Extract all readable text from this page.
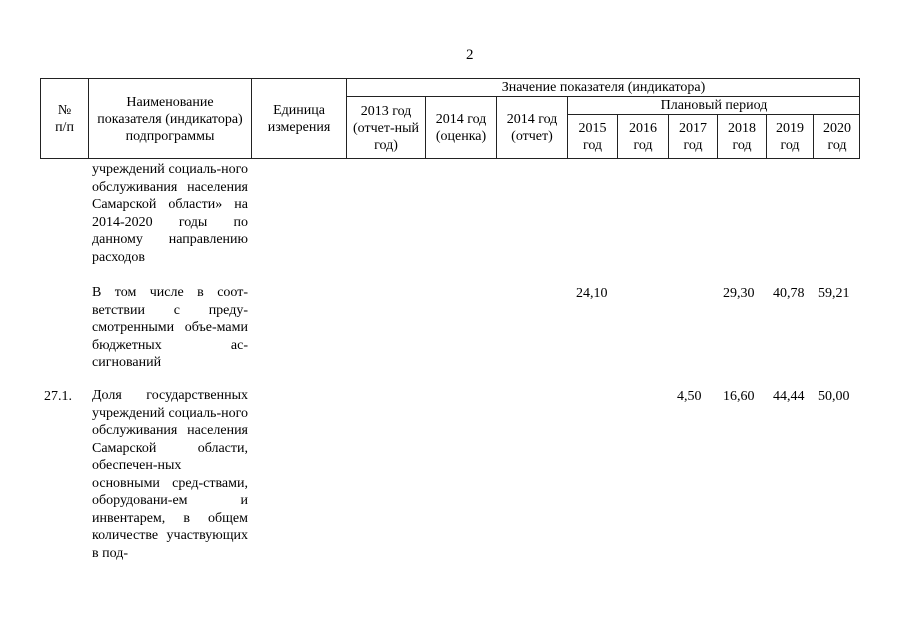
2
№
п/п
Наименование показателя (индикатора) подпрограммы
Единица измерения
Значение показателя (индикатора)
2013 год (отчет-ный год)
2014 год (оценка)
2014 год (отчет)
Плановый период
2015 год
2016 год
2017 год
2018 год
2019 год
2020 год
учреждений социаль-ного обслуживания населения Самарской области» на 2014-2020 годы по данному направлению расходов
В том числе в соот-ветствии с преду-смотренными объе-мами бюджетных ас-сигнований
24,10	29,30 40,78 59,21
27.1. Доля государственных учреждений социаль-ного обслуживания населения Самарской области, обеспечен-ных основными сред-ствами, оборудовани-ем и инвентарем, в общем количестве участвующих в под-
4,50 16,60 44,44 50,00
